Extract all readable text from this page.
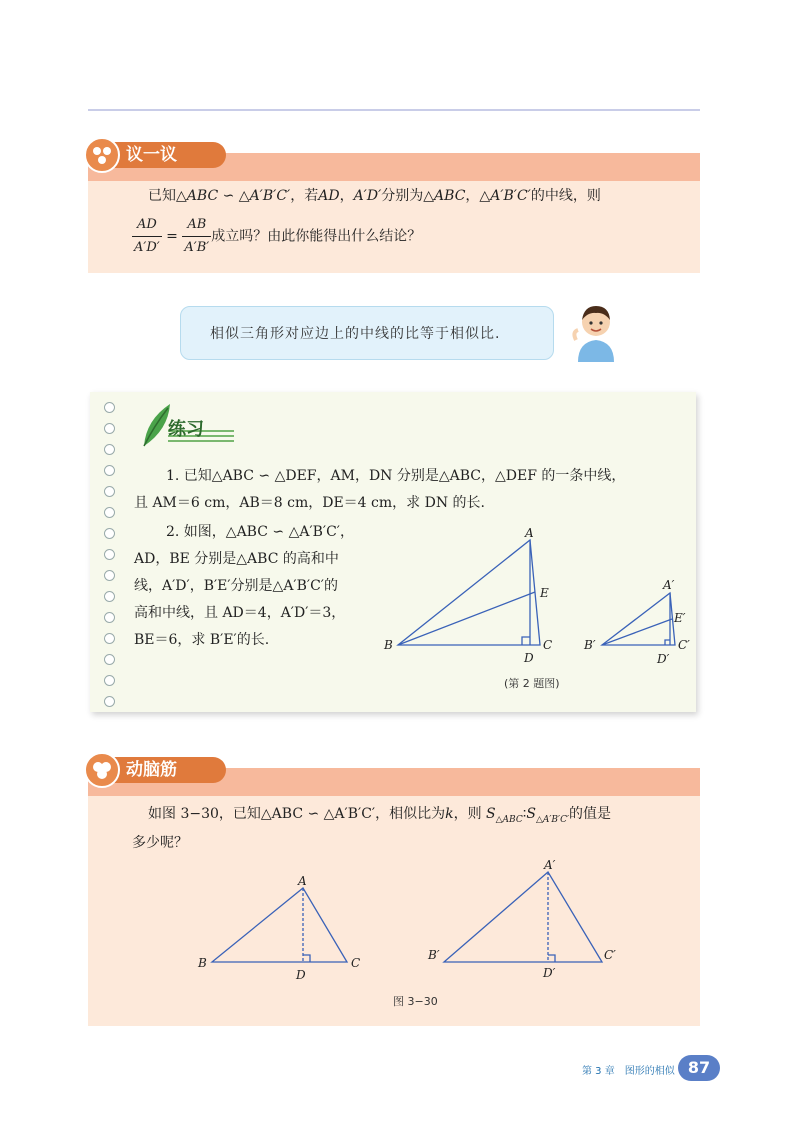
议一议
已知△ABC ∽ △A′B′C′，若AD，A′D′分别为△ABC，△A′B′C′的中线，则
$\frac{AD}{A'D'} = \frac{AB}{A'B'}$ 成立吗？由此你能得出什么结论？
相似三角形对应边上的中线的比等于相似比.
练习
1. 已知△ABC ∽ △DEF，AM，DN 分别是△ABC，△DEF 的一条中线，
且 AM＝6 cm，AB＝8 cm，DE＝4 cm，求 DN 的长.
2. 如图，△ABC ∽ △A′B′C′，
AD，BE 分别是△ABC 的高和中
线，A′D′，B′E′分别是△A′B′C′的
高和中线，且 AD＝4，A′D′＝3，
BE＝6，求 B′E′的长.	B
A
C
D
E
B′
A′
C′
D′
E′
(第 2 题图)
动脑筋
如图 3−30，已知△ABC ∽ △A′B′C′，相似比为k，则 $S_{\triangle ABC}∶S_{\triangle A'B'C'}$的值是
多少呢？
B
A
C
D
B′
A′
C′
D′
图 3−30
第 3 章　图形的相似 87
